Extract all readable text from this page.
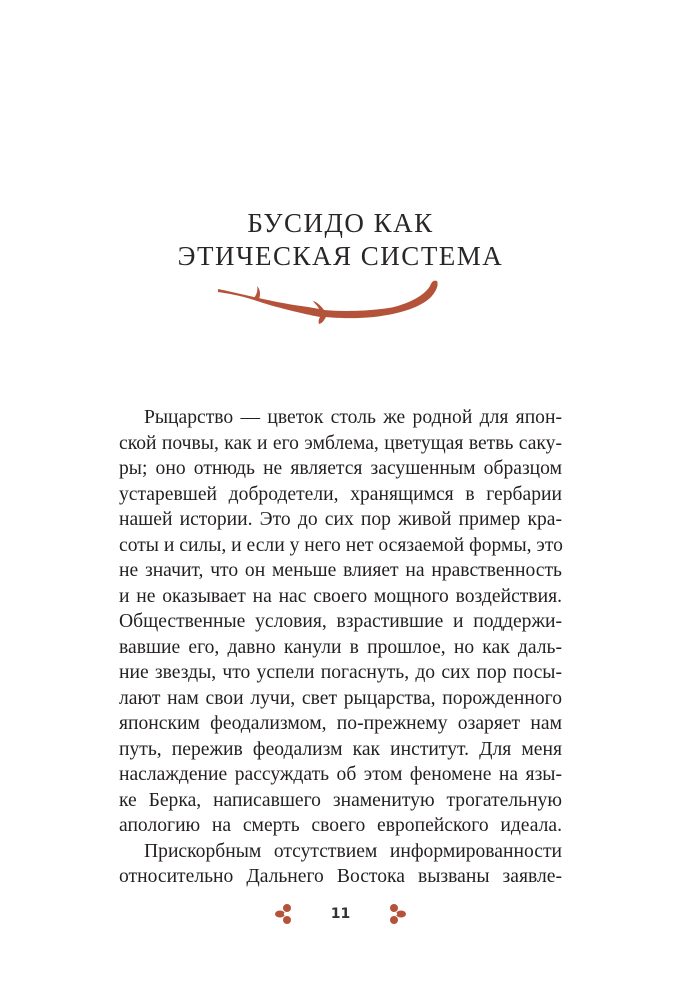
БУСИДО КАК
ЭТИЧЕСКАЯ СИСТЕМА
Рыцарство — цветок столь же родной для япон-
ской почвы, как и его эмблема, цветущая ветвь саку-
ры; оно отнюдь не является засушенным образцом
устаревшей добродетели, хранящимся в гербарии
нашей истории. Это до сих пор живой пример кра-
соты и силы, и если у него нет осязаемой формы, это
не значит, что он меньше влияет на нравственность
и не оказывает на нас своего мощного воздействия.
Общественные условия, взрастившие и поддержи-
вавшие его, давно канули в прошлое, но как даль-
ние звезды, что успели погаснуть, до сих пор посы-
лают нам свои лучи, свет рыцарства, порожденного
японским феодализмом, по-прежнему озаряет нам
путь, пережив феодализм как институт. Для меня
наслаждение рассуждать об этом феномене на язы-
ке Берка, написавшего знаменитую трогательную
апологию на смерть своего европейского идеала.
Прискорбным отсутствием информированности
относительно Дальнего Востока вызваны заявле-
11
